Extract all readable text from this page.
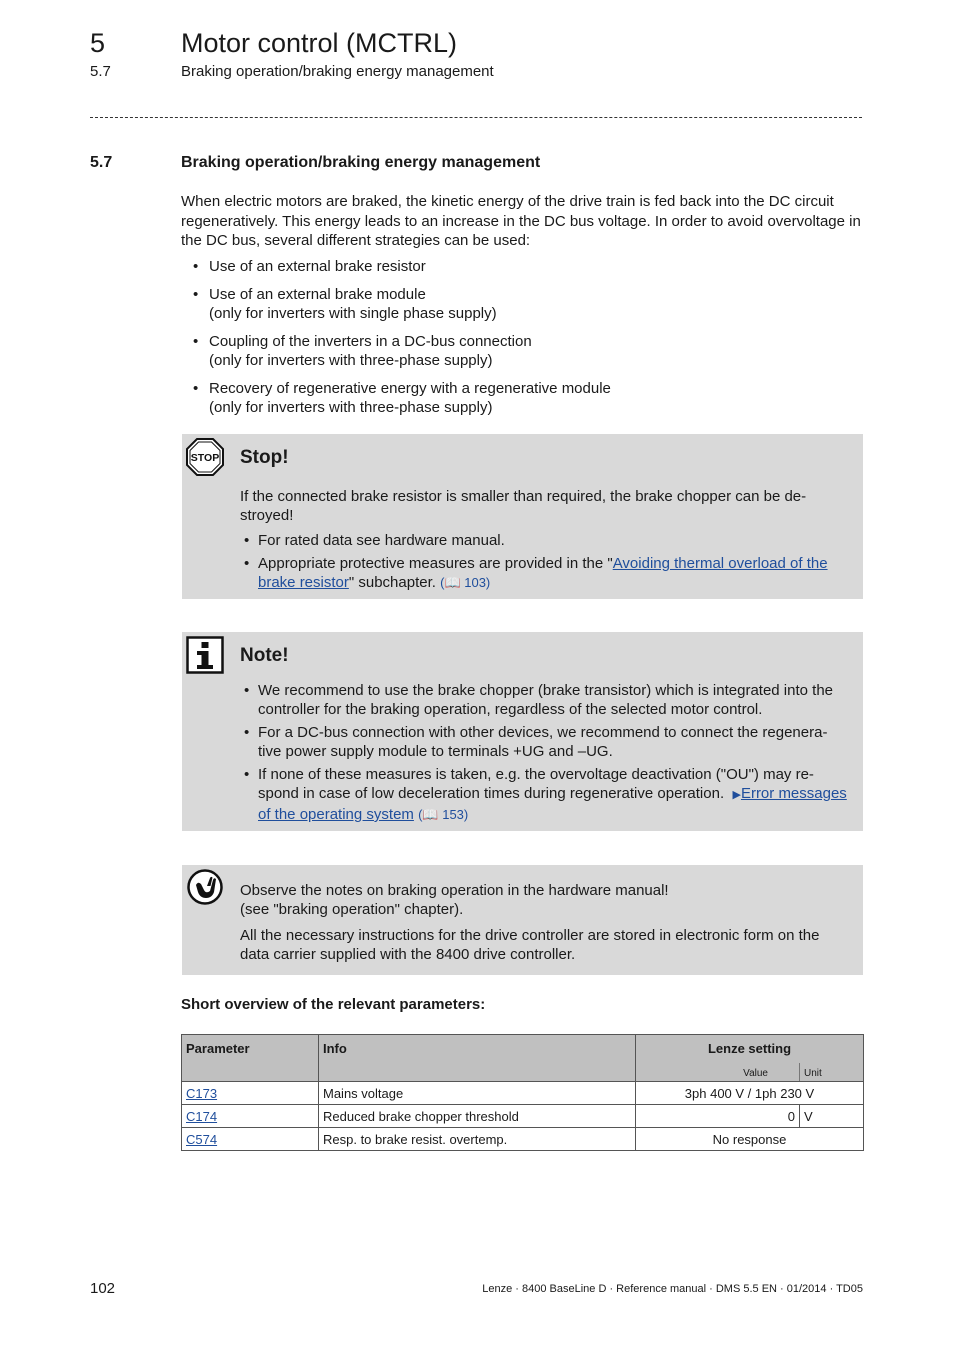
5	Motor control (MCTRL)
5.7	Braking operation/braking energy management
5.7	Braking operation/braking energy management
When electric motors are braked, the kinetic energy of the drive train is fed back into the DC circuit regeneratively. This energy leads to an increase in the DC bus voltage. In order to avoid overvoltage in the DC bus, several different strategies can be used:
• Use of an external brake resistor
• Use of an external brake module
(only for inverters with single phase supply)
• Coupling of the inverters in a DC-bus connection
(only for inverters with three-phase supply)
• Recovery of regenerative energy with a regenerative module
(only for inverters with three-phase supply)
STOP Stop!

If the connected brake resistor is smaller than required, the brake chopper can be de-stroyed!

• For rated data see hardware manual.
• Appropriate protective measures are provided in the "Avoiding thermal overload of the brake resistor" subchapter. (📖 103)
Note!
• We recommend to use the brake chopper (brake transistor) which is integrated into the controller for the braking operation, regardless of the selected motor control.
• For a DC-bus connection with other devices, we recommend to connect the regenera-tive power supply module to terminals +UG and –UG.
• If none of these measures is taken, e.g. the overvoltage deactivation ("OU") may re-spond in case of low deceleration times during regenerative operation. ▶Error messages of the operating system (📖 153)

Observe the notes on braking operation in the hardware manual!
(see "braking operation" chapter).

All the necessary instructions for the drive controller are stored in electronic form on the data carrier supplied with the 8400 drive controller.

Short overview of the relevant parameters:
Parameter	Info	Lenze setting
Value Unit	

C173	Mains voltage	3ph 400 V / 1ph 230 V	
C174	Reduced brake chopper threshold	0	V
C574	Resp. to brake resist. overtemp.	No response	
102	Lenze · 8400 BaseLine D · Reference manual · DMS 5.5 EN · 01/2014 · TD05
